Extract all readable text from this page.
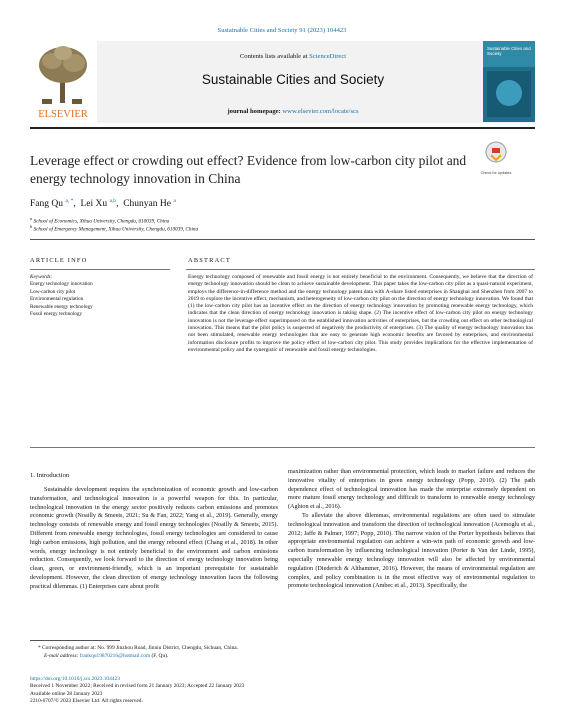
Sustainable Cities and Society 91 (2023) 104423
ELSEVIER
Contents lists available at ScienceDirect
Sustainable Cities and Society
journal homepage: www.elsevier.com/locate/scs
Sustainable Cities and Society
Leverage effect or crowding out effect? Evidence from low-carbon city pilot and energy technology innovation in China	Check for updates
Fang Qu $^{a, *}$,  Lei Xu $^{a,b}$,  Chunyan He $^a$
$^a$ School of Economics, Xihua University, Chengdu, 610039, China
$^b$ School of Emergency Management, Xihua University, Chengdu, 610039, China
ARTICLE INFO	ABSTRACT
Keywords:
Energy technology innovation
Low-carbon city pilot
Environmental regulation
Renewable energy technology
Fossil energy technology
Energy technology composed of renewable and fossil energy is not entirely beneficial to the environment. Consequently, we believe that the direction of energy technology innovation should be clean to achieve sustainable development. This paper takes the low-carbon city pilot as a quasi-natural experiment, employs the difference-in-difference method and the energy technology patent data with A-share listed enterprises in Shanghai and Shenzhen from 2007 to 2019 to explore the incentive effect, mechanism, and heterogeneity of low-carbon city pilot on the direction of energy technology innovation. We found that (1) the low-carbon city pilot has an incentive effect on the direction of energy technology innovation by promoting renewable energy technology, which indicates that the clean direction of energy technology innovation is taking shape. (2) The incentive effect of low-carbon city pilot on energy technology innovation is not the leverage effect superimposed on the established innovation activities of enterprises, but the crowding out effect on other technological innovation. This means that the pilot policy is suspected of negatively the productivity of enterprises. (3) The quality of energy technology innovation has not been stimulated, renewable energy technologies that are easy to generate high economic benefits are favored by enterprises, and environmental information disclosure profits to improve the policy effect of low-carbon city pilot. This study provides implications for the effective implementation of environmental policy and the synergistic of renewable and fossil energy technologies.
1. Introduction
Sustainable development requires the synchronization of economic growth and low-carbon transformation, and technological innovation is a powerful weapon for this. In particular, technological innovation in the energy sector positively reduces carbon emissions and promotes economic growth (Noailly & Smeets, 2021; Su & Fan, 2022; Yang et al., 2019). Generally, energy technology consists of renewable energy and fossil energy technologies (Noailly & Smeets, 2015). Different from renewable energy technologies, fossil energy technologies are considered to cause high carbon emissions, high pollution, and the energy rebound effect (Chang et al., 2018). In other words, energy technology is not entirely beneficial to the environment and carbon emissions reduction. Consequently, we look forward to the direction of energy technology innovation being clean, green, or environment-friendly, which is an important prerequisite for sustainable development. However, the clean direction of energy technology innovation faces the following practical dilemmas. (1) Enterprises care about profit
maximization rather than environmental protection, which leads to market failure and reduces the innovative vitality of enterprises in green energy technology (Popp, 2010). (2) The path dependence effect of technological innovation has made the enterprise extremely dependent on more mature fossil energy technology and difficult to transform to renewable energy technology (Aghion et al., 2016).
To alleviate the above dilemmas, environmental regulations are often used to stimulate technological innovation and transform the direction of technological innovation (Acemoglu et al., 2012; Jaffe & Palmer, 1997; Popp, 2010). The narrow vision of the Porter hypothesis believes that appropriate environmental regulation can achieve a win-win path of economic growth and low-carbon transformation by influencing technological innovation (Porter & Van der Linde, 1995), especially renewable energy technology innovation will also be affected by environmental regulation (Diederich & Althammer, 2016). However, the means of environmental regulation are complex, and policy combination is in the most effective way of environmental regulation to promote technological innovation (Ambec et al., 2013). Specifically, the
* Corresponding author at: No. 999 Jinzhou Road, Jinniu District, Chengdu, Sichuan, China.
E-mail address: frankqu19870216@hotmail.com (F. Qu).
https://doi.org/10.1016/j.scs.2023.104423
Received 1 November 2022; Received in revised form 21 January 2023; Accepted 22 January 2023
Available online 28 January 2023
2210-6707/© 2023 Elsevier Ltd. All rights reserved.
